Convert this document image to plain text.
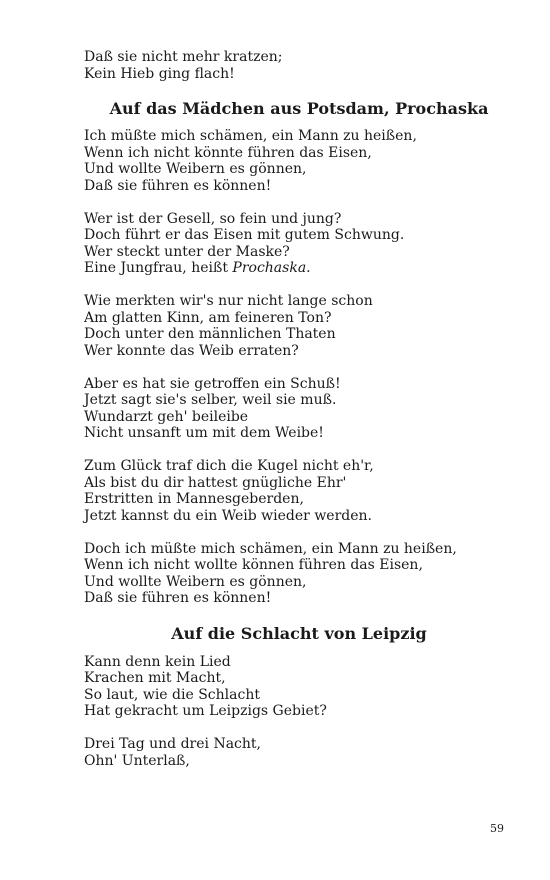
Daß sie nicht mehr kratzen;

Kein Hieb ging flach!

Auf das Mädchen aus Potsdam, Prochaska

Ich müßte mich schämen, ein Mann zu heißen,

Wenn ich nicht könnte führen das Eisen,

Und wollte Weibern es gönnen,

Daß sie führen es können!

Wer ist der Gesell, so fein und jung?

Doch führt er das Eisen mit gutem Schwung.

Wer steckt unter der Maske?

Eine Jungfrau, heißt Prochaska.

Wie merkten wir's nur nicht lange schon

Am glatten Kinn, am feineren Ton?

Doch unter den männlichen Thaten

Wer konnte das Weib erraten?

Aber es hat sie getroffen ein Schuß!

Jetzt sagt sie's selber, weil sie muß.

Wundarzt geh' beileibe

Nicht unsanft um mit dem Weibe!

Zum Glück traf dich die Kugel nicht eh'r,

Als bist du dir hattest gnügliche Ehr'

Erstritten in Mannesgeberden,

Jetzt kannst du ein Weib wieder werden.

Doch ich müßte mich schämen, ein Mann zu heißen,

Wenn ich nicht wollte können führen das Eisen,

Und wollte Weibern es gönnen,

Daß sie führen es können!

Auf die Schlacht von Leipzig

Kann denn kein Lied

Krachen mit Macht,

So laut, wie die Schlacht

Hat gekracht um Leipzigs Gebiet?

Drei Tag und drei Nacht,

Ohn' Unterlaß,

59
